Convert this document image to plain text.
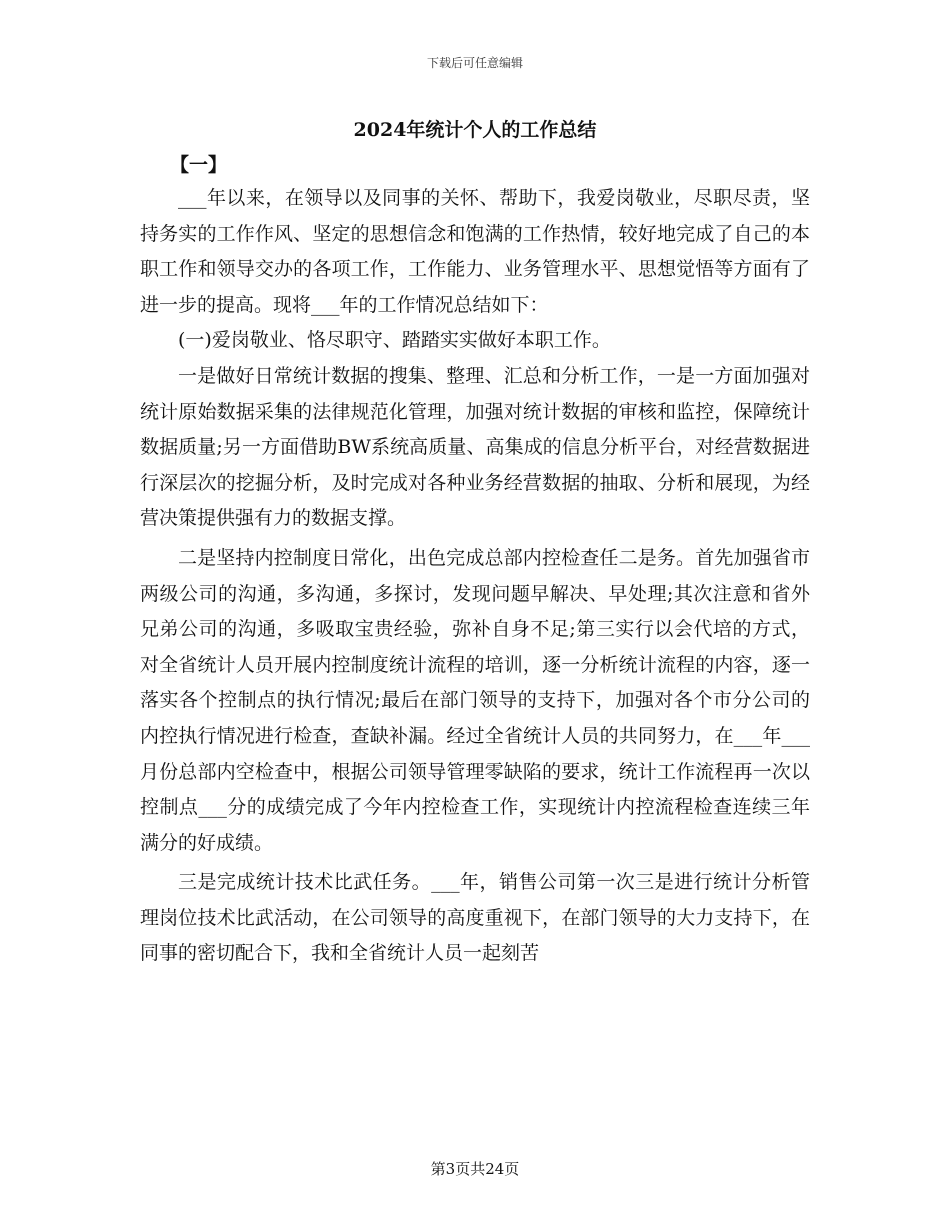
下载后可任意编辑
2024年统计个人的工作总结
【一】

___年以来，在领导以及同事的关怀、帮助下，我爱岗敬业，尽职尽责，坚持务实的工作作风、坚定的思想信念和饱满的工作热情，较好地完成了自己的本职工作和领导交办的各项工作，工作能力、业务管理水平、思想觉悟等方面有了进一步的提高。现将___年的工作情况总结如下：

(一)爱岗敬业、恪尽职守、踏踏实实做好本职工作。

一是做好日常统计数据的搜集、整理、汇总和分析工作，一是一方面加强对统计原始数据采集的法律规范化管理，加强对统计数据的审核和监控，保障统计数据质量;另一方面借助BW系统高质量、高集成的信息分析平台，对经营数据进行深层次的挖掘分析，及时完成对各种业务经营数据的抽取、分析和展现，为经营决策提供强有力的数据支撑。

二是坚持内控制度日常化，出色完成总部内控检查任二是务。首先加强省市两级公司的沟通，多沟通，多探讨，发现问题早解决、早处理;其次注意和省外兄弟公司的沟通，多吸取宝贵经验，弥补自身不足;第三实行以会代培的方式，对全省统计人员开展内控制度统计流程的培训，逐一分析统计流程的内容，逐一落实各个控制点的执行情况;最后在部门领导的支持下，加强对各个市分公司的内控执行情况进行检查，查缺补漏。经过全省统计人员的共同努力，在___年___月份总部内空检查中，根据公司领导管理零缺陷的要求，统计工作流程再一次以控制点___分的成绩完成了今年内控检查工作，实现统计内控流程检查连续三年满分的好成绩。

三是完成统计技术比武任务。___年，销售公司第一次三是进行统计分析管理岗位技术比武活动，在公司领导的高度重视下，在部门领导的大力支持下，在同事的密切配合下，我和全省统计人员一起刻苦

第3页共24页
